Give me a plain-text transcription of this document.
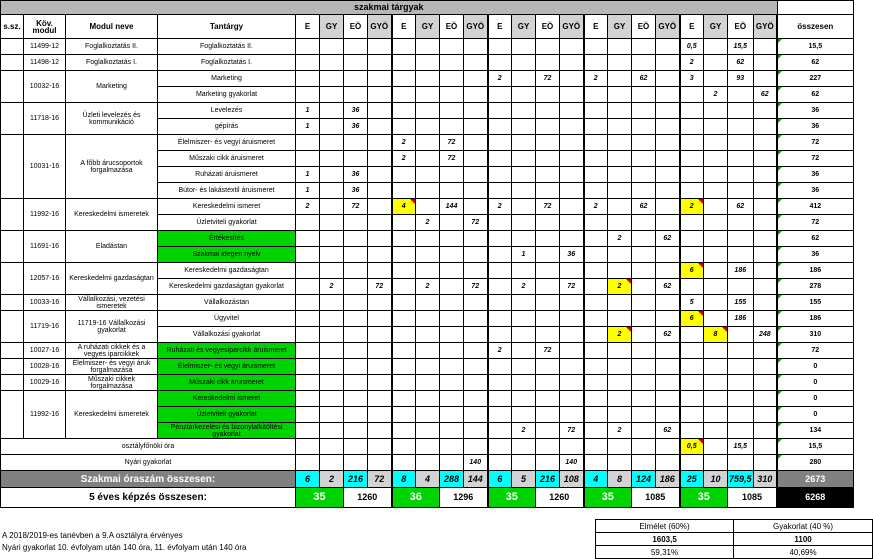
szakmai tárgyak																								
s.sz.	Köv. modul	Modul neve	Tantárgy	E	GY	EÖ	GYÖ	E	GY	EÖ	GYÖ	E	GY	EÖ	GYÖ	E	GY	EÖ	GYÖ	E	GY	EÖ	GYÖ	összesen
	11499-12	Foglalkoztatás II.	Foglalkoztatás II.																	0,5		15,5		15,5
	11498-12	Foglalkoztatás I.	Foglalkoztatás I.																	2		62		62
	10032-16	Marketing	Marketing									2		72		2		62		3		93		227
			Marketing gyakorlat																		2		62	62
	11718-16	Üzleti levelezés és kommunikáció	Levelezés	1		36																		36
			gépírás	1		36																		36
	10031-16	A főbb árucsoportok forgalmazása	Élelmiszer- és vegyi áruismeret					2		72														72
			Műszaki cikk áruismeret					2		72														72
			Ruházati áruismeret	1		36																		36
			Bútor- és lakástextil áruismeret	1		36																		36
	11992-16	Kereskedelmi ismeretek	Kereskedelmi ismeret	2		72		4		144		2		72		2		62		2		62		412
			Üzletviteli gyakorlat						2		72													72
	11691-16	Eladástan	Értékesítés														2		62					62
			Szakmai idegen nyelv										1		36									36
	12057-16	Kereskedelmi gazdaságtan	Kereskedelmi gazdaságtan																	6		186		186
			Kereskedelmi gazdaságtan gyakorlat		2		72		2		72		2		72		2		62					278
	10033-16	Vállalkozási, vezetési ismeretek	Vállalkozástan																	5		155		155
	11719-16	11719-16 Vállalkozási gyakorlat	Ügyvitel																	6		186		186
			Vállalkozási gyakorlat														2		62		8		248	310
	10027-16	A ruházati cikkek és a vegyes iparcikkek	Ruházati és vegyesiparcikk áruismeret									2		72										72
	10028-16	Élelmiszer- és vegyi áruk forgalmazása	Élelmiszer- és vegyi áruismeret																					0
	10029-16	Műszaki cikkek forgalmazása	Műszaki cikk áruismeret																					0
	11992-16	Kereskedelmi ismeretek	Kereskedelmi ismeret																					0
			Üzletviteli gyakorlat																					0
			Pénztárkezelési és bizonylatkitöltési gyakorlat										2		72		2		62					134
osztályfőnöki óra																				0,5		15,5		15,5
Nyári gyakorlat											140				140									280
Szakmai óraszám összesen:				6	2	216	72	8	4	288	144	6	5	216	108	4	8	124	186	25	10	759,5	310	2673
5 éves képzés összesen:				35		1260		36		1296		35		1260		35		1085		35		1085		6268
A 2018/2019-es tanévben a 9.A osztályra érvényes
Nyári gyakorlat 10. évfolyam után 140 óra, 11. évfolyam után 140 óra
Elmélet (60%)	Gyakorlat (40 %)
1603,5	1100
59,31%	40,69%
